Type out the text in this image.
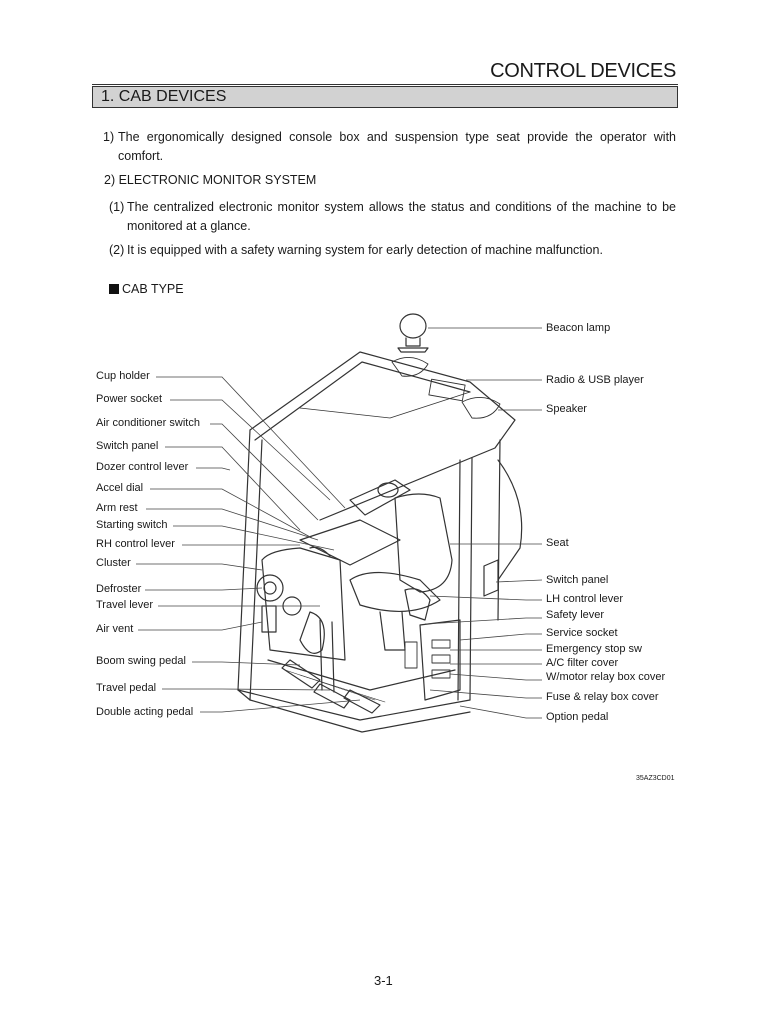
CONTROL DEVICES
1. CAB DEVICES
1) The ergonomically designed console box and suspension type seat provide the operator with comfort.
2) ELECTRONIC MONITOR SYSTEM
(1) The centralized electronic monitor system allows the status and conditions of the machine to be monitored at a glance.
(2) It is equipped with a safety warning system for early detection of machine malfunction.
CAB TYPE
Cup holder
Power socket
Air conditioner switch
Switch panel
Dozer control lever
Accel dial
Arm rest
Starting switch
RH control lever
Cluster
Defroster
Travel lever
Air vent
Boom swing pedal
Travel pedal
Double acting pedal
Beacon lamp
Radio & USB player
Speaker
Seat
Switch panel
LH control lever
Safety lever
Service socket
Emergency stop sw
A/C filter cover
W/motor relay box cover
Fuse & relay box cover
Option pedal
35AZ3CD01
3-1
